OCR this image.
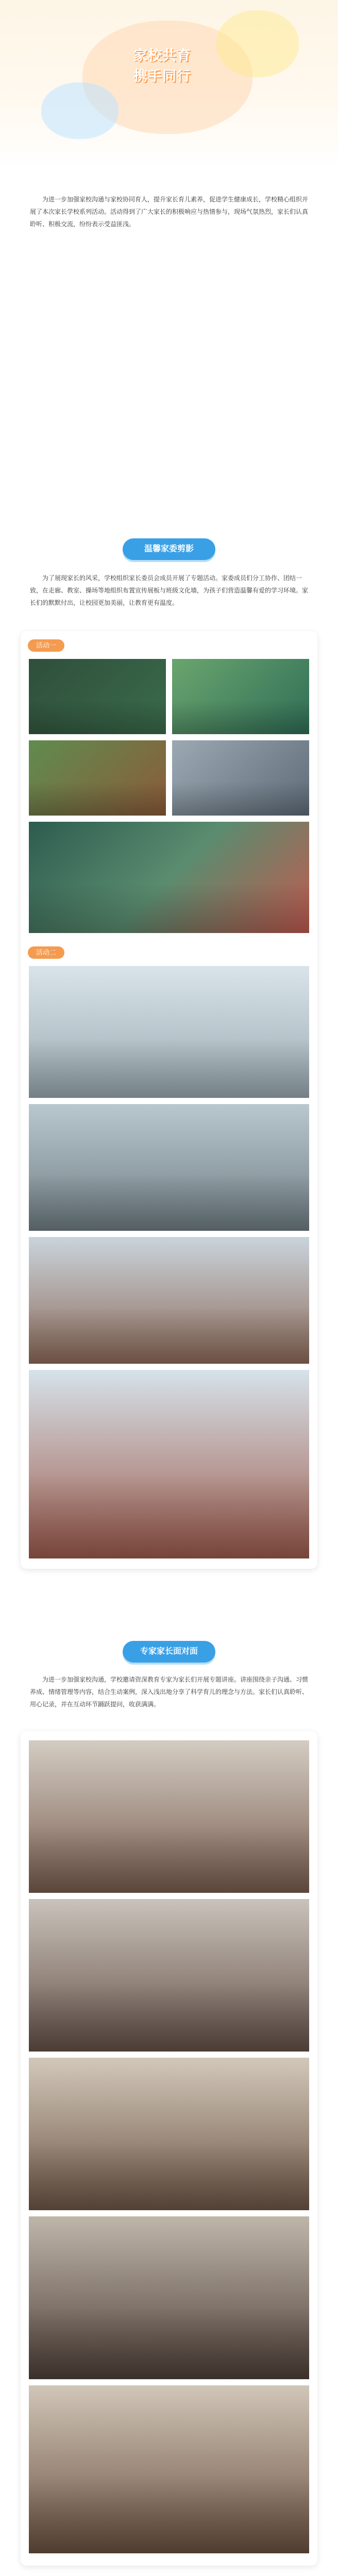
家校共育
携手同行
为进一步加强家校沟通与家校协同育人，提升家长育儿素养，促进学生健康成长，学校精心组织开展了本次家长学校系列活动。活动得到了广大家长的积极响应与热情参与，现场气氛热烈，家长们认真聆听、积极交流，纷纷表示受益匪浅。
温馨家委剪影
为了展现家长的风采，学校组织家长委员会成员开展了专题活动。家委成员们分工协作、团结一致，在走廊、教室、操场等地组织布置宣传展板与班级文化墙，为孩子们营造温馨有爱的学习环境。家长们的默默付出，让校园更加美丽，让教育更有温度。
活动一
活动二
专家家长面对面
为进一步加强家校沟通，学校邀请资深教育专家为家长们开展专题讲座。讲座围绕亲子沟通、习惯养成、情绪管理等内容，结合生动案例，深入浅出地分享了科学育儿的理念与方法。家长们认真聆听、用心记录，并在互动环节踊跃提问，收获满满。
